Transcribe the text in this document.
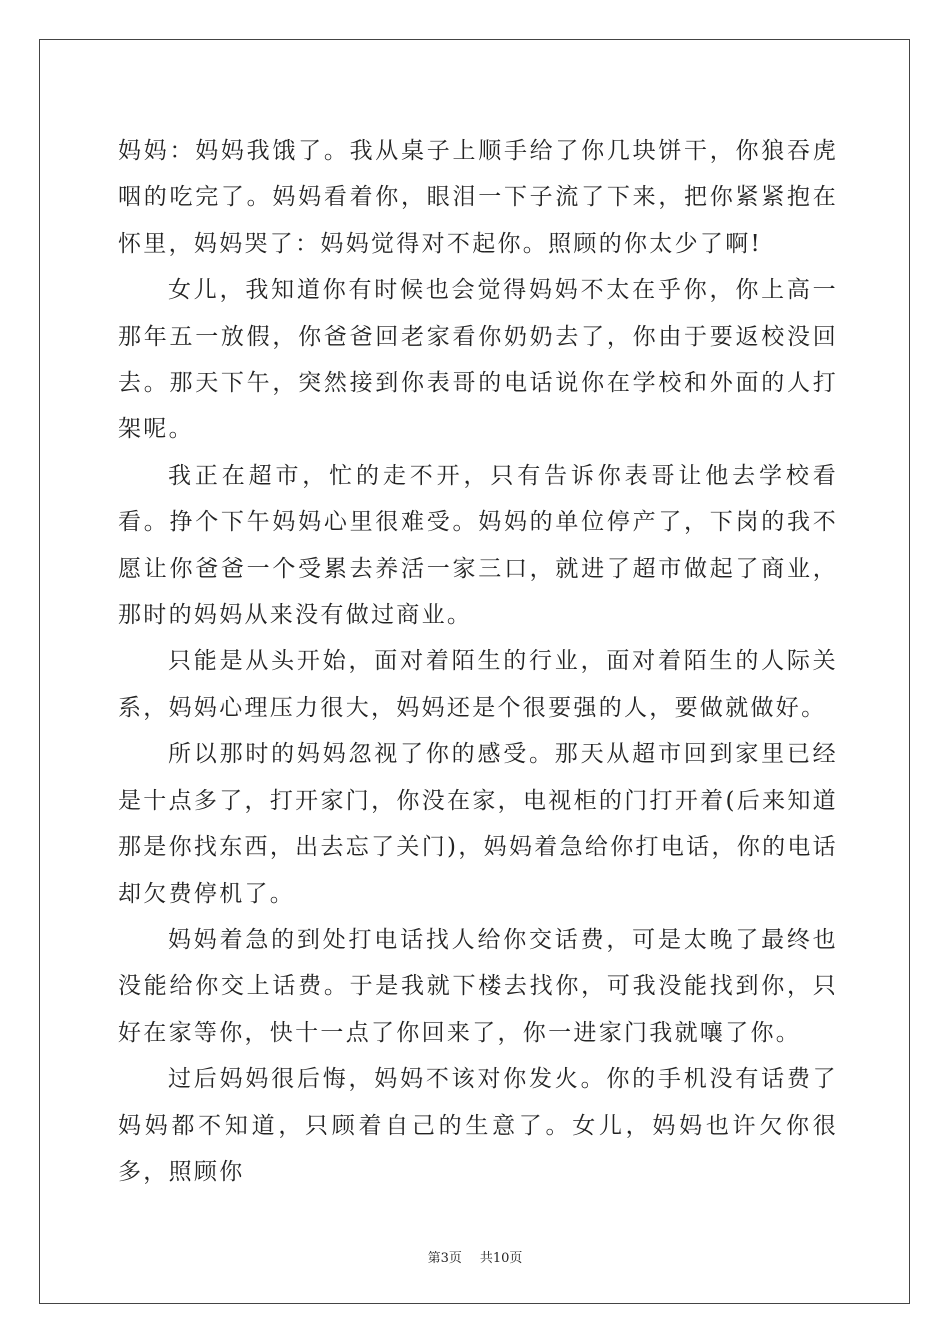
妈妈：妈妈我饿了。我从桌子上顺手给了你几块饼干，你狼吞虎咽的吃完了。妈妈看着你，眼泪一下子流了下来，把你紧紧抱在怀里，妈妈哭了：妈妈觉得对不起你。照顾的你太少了啊!

女儿，我知道你有时候也会觉得妈妈不太在乎你，你上高一那年五一放假，你爸爸回老家看你奶奶去了，你由于要返校没回去。那天下午，突然接到你表哥的电话说你在学校和外面的人打架呢。

我正在超市，忙的走不开，只有告诉你表哥让他去学校看看。挣个下午妈妈心里很难受。妈妈的单位停产了，下岗的我不愿让你爸爸一个受累去养活一家三口，就进了超市做起了商业，那时的妈妈从来没有做过商业。

只能是从头开始，面对着陌生的行业，面对着陌生的人际关系，妈妈心理压力很大，妈妈还是个很要强的人，要做就做好。

所以那时的妈妈忽视了你的感受。那天从超市回到家里已经是十点多了，打开家门，你没在家，电视柜的门打开着(后来知道那是你找东西，出去忘了关门)，妈妈着急给你打电话，你的电话却欠费停机了。

妈妈着急的到处打电话找人给你交话费，可是太晚了最终也没能给你交上话费。于是我就下楼去找你，可我没能找到你，只好在家等你，快十一点了你回来了，你一进家门我就嚷了你。

过后妈妈很后悔，妈妈不该对你发火。你的手机没有话费了妈妈都不知道，只顾着自己的生意了。女儿，妈妈也许欠你很多，照顾你

第3页 共10页
